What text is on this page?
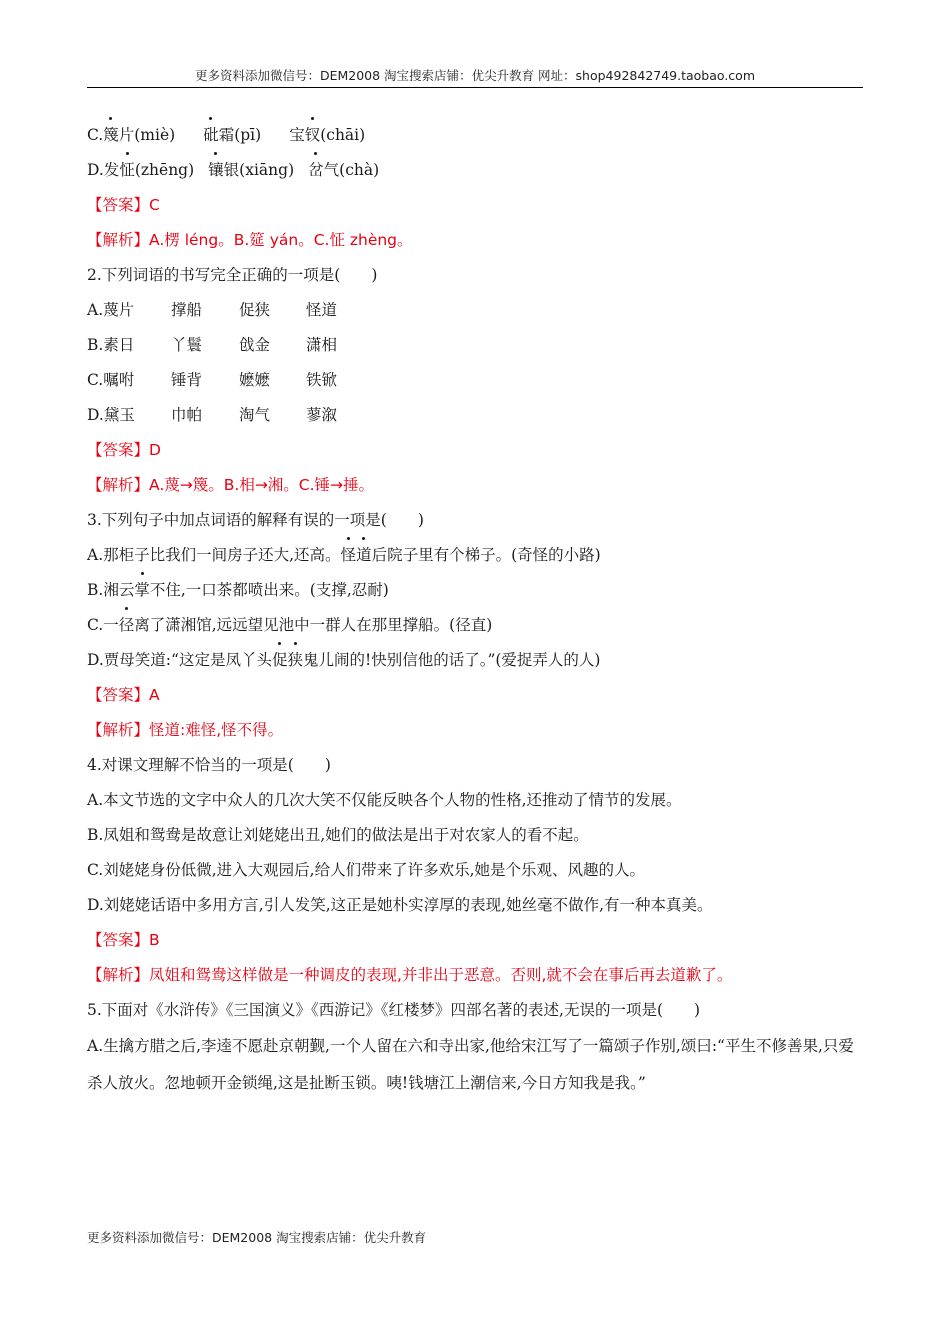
更多资料添加微信号：DEM2008 淘宝搜索店铺：优尖升教育 网址：shop492842749.taobao.com
C.篾片(miè) 砒霜(pī) 宝钗(chāi)
D.发怔(zhēng) 镶银(xiāng) 岔气(chà)
【答案】C
【解析】A.楞 léng。B.筵 yán。C.怔 zhèng。
2.下列词语的书写完全正确的一项是(　　)
A.蔑片 撑船 促狭 怪道
B.素日 丫鬟 戗金 潇相
C.嘱咐 锤背 嬷嬷 铁锨
D.黛玉 巾帕 淘气 蓼溆
【答案】D
【解析】A.蔑→篾。B.相→湘。C.锤→捶。
3.下列句子中加点词语的解释有误的一项是(　　)
A.那柜子比我们一间房子还大,还高。怪道后院子里有个梯子。(奇怪的小路)
B.湘云掌不住,一口茶都喷出来。(支撑,忍耐)
C.一径离了潇湘馆,远远望见池中一群人在那里撑船。(径直)
D.贾母笑道:“这定是凤丫头促狭鬼儿闹的!快别信他的话了。”(爱捉弄人的人)
【答案】A
【解析】怪道:难怪,怪不得。
4.对课文理解不恰当的一项是(　　)
A.本文节选的文字中众人的几次大笑不仅能反映各个人物的性格,还推动了情节的发展。
B.凤姐和鸳鸯是故意让刘姥姥出丑,她们的做法是出于对农家人的看不起。
C.刘姥姥身份低微,进入大观园后,给人们带来了许多欢乐,她是个乐观、风趣的人。
D.刘姥姥话语中多用方言,引人发笑,这正是她朴实淳厚的表现,她丝毫不做作,有一种本真美。
【答案】B
【解析】凤姐和鸳鸯这样做是一种调皮的表现,并非出于恶意。否则,就不会在事后再去道歉了。
5.下面对《水浒传》《三国演义》《西游记》《红楼梦》四部名著的表述,无误的一项是(　　)
A.生擒方腊之后,李逵不愿赴京朝觐,一个人留在六和寺出家,他给宋江写了一篇颂子作别,颂曰:“平生不修善果,只爱杀人放火。忽地顿开金锁绳,这是扯断玉锁。咦!钱塘江上潮信来,今日方知我是我。”
更多资料添加微信号：DEM2008 淘宝搜索店铺：优尖升教育
